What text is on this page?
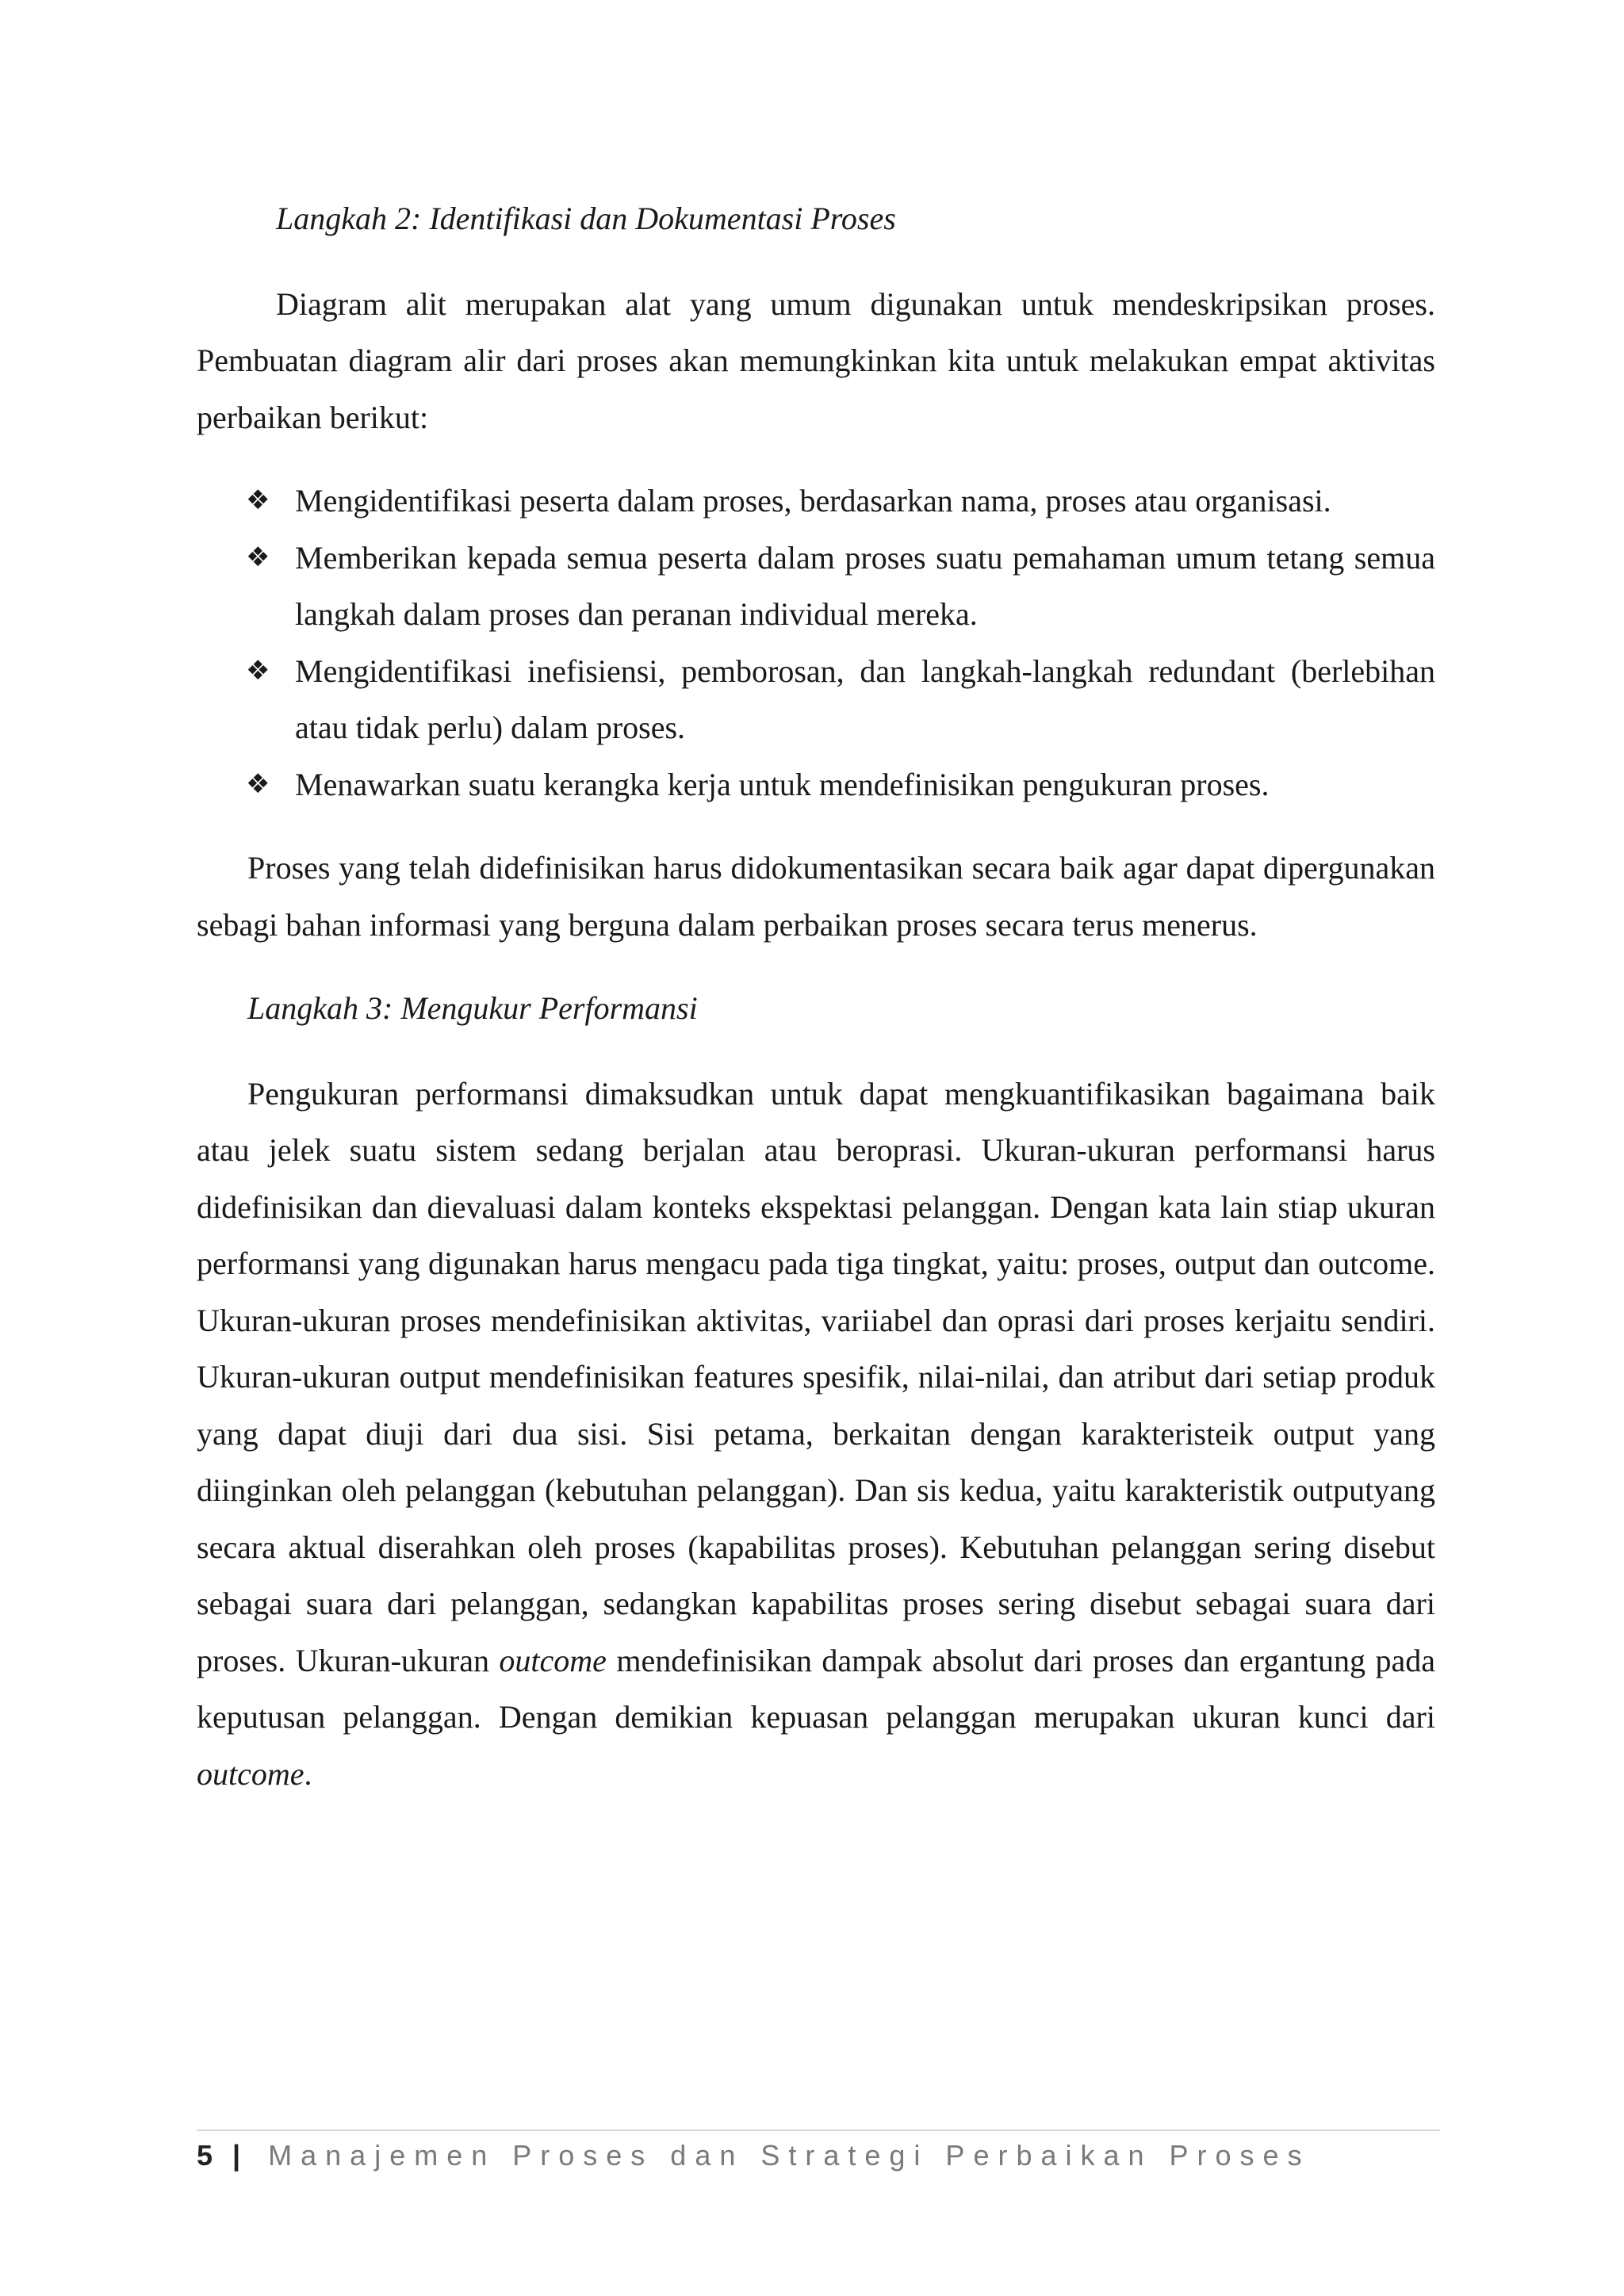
Langkah 2: Identifikasi dan Dokumentasi Proses

Diagram alit merupakan alat yang umum digunakan untuk mendeskripsikan proses. Pembuatan diagram alir dari proses akan memungkinkan kita untuk melakukan empat aktivitas perbaikan berikut:

❖ Mengidentifikasi peserta dalam proses, berdasarkan nama, proses atau organisasi.
❖ Memberikan kepada semua peserta dalam proses suatu pemahaman umum tetang semua langkah dalam proses dan peranan individual mereka.
❖ Mengidentifikasi inefisiensi, pemborosan, dan langkah-langkah redundant (berlebihan atau tidak perlu) dalam proses.
❖ Menawarkan suatu kerangka kerja untuk mendefinisikan pengukuran proses.

Proses yang telah didefinisikan harus didokumentasikan secara baik agar dapat dipergunakan sebagi bahan informasi yang berguna dalam perbaikan proses secara terus menerus.

Langkah 3: Mengukur Performansi

Pengukuran performansi dimaksudkan untuk dapat mengkuantifikasikan bagaimana baik atau jelek suatu sistem sedang berjalan atau beroprasi. Ukuran-ukuran performansi harus didefinisikan dan dievaluasi dalam konteks ekspektasi pelanggan. Dengan kata lain stiap ukuran performansi yang digunakan harus mengacu pada tiga tingkat, yaitu: proses, output dan outcome. Ukuran-ukuran proses mendefinisikan aktivitas, variiabel dan oprasi dari proses kerjaitu sendiri. Ukuran-ukuran output mendefinisikan features spesifik, nilai-nilai, dan atribut dari setiap produk yang dapat diuji dari dua sisi. Sisi petama, berkaitan dengan karakteristeik output yang diinginkan oleh pelanggan (kebutuhan pelanggan). Dan sis kedua, yaitu karakteristik outputyang secara aktual diserahkan oleh proses (kapabilitas proses). Kebutuhan pelanggan sering disebut sebagai suara dari pelanggan, sedangkan kapabilitas proses sering disebut sebagai suara dari proses. Ukuran-ukuran outcome mendefinisikan dampak absolut dari proses dan ergantung pada keputusan pelanggan. Dengan demikian kepuasan pelanggan merupakan ukuran kunci dari outcome.

5 | Manajemen Proses dan Strategi Perbaikan Proses
